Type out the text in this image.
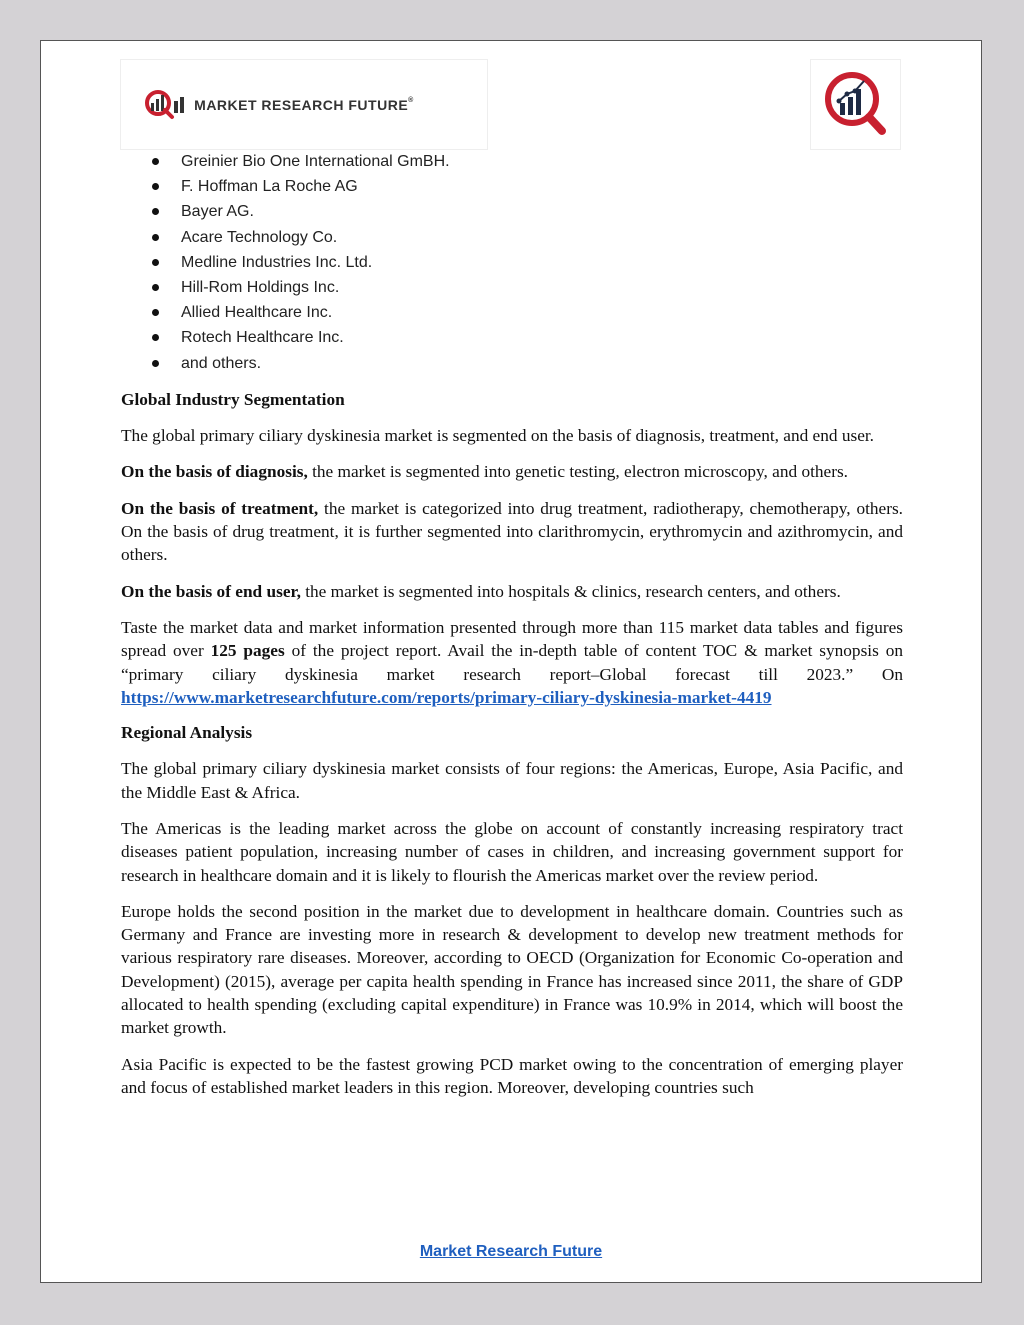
MARKET RESEARCH FUTURE®
Greinier Bio One International GmBH.
F. Hoffman La Roche AG
Bayer AG.
Acare Technology Co.
Medline Industries Inc. Ltd.
Hill-Rom Holdings Inc.
Allied Healthcare Inc.
Rotech Healthcare Inc.
and others.
Global Industry Segmentation

The global primary ciliary dyskinesia market is segmented on the basis of diagnosis, treatment, and end user.

On the basis of diagnosis, the market is segmented into genetic testing, electron microscopy, and others.

On the basis of treatment, the market is categorized into drug treatment, radiotherapy, chemotherapy, others. On the basis of drug treatment, it is further segmented into clarithromycin, erythromycin and azithromycin, and others.

On the basis of end user, the market is segmented into hospitals & clinics, research centers, and others.

Taste the market data and market information presented through more than 115 market data tables and figures spread over 125 pages of the project report. Avail the in-depth table of content TOC & market synopsis on “primary ciliary dyskinesia market research report–Global forecast till 2023.” On https://www.marketresearchfuture.com/reports/primary-ciliary-dyskinesia-market-4419

Regional Analysis

The global primary ciliary dyskinesia market consists of four regions: the Americas, Europe, Asia Pacific, and the Middle East & Africa.

The Americas is the leading market across the globe on account of constantly increasing respiratory tract diseases patient population, increasing number of cases in children, and increasing government support for research in healthcare domain and it is likely to flourish the Americas market over the review period.

Europe holds the second position in the market due to development in healthcare domain. Countries such as Germany and France are investing more in research & development to develop new treatment methods for various respiratory rare diseases. Moreover, according to OECD (Organization for Economic Co-operation and Development) (2015), average per capita health spending in France has increased since 2011, the share of GDP allocated to health spending (excluding capital expenditure) in France was 10.9% in 2014, which will boost the market growth.

Asia Pacific is expected to be the fastest growing PCD market owing to the concentration of emerging player and focus of established market leaders in this region. Moreover, developing countries such

Market Research Future
